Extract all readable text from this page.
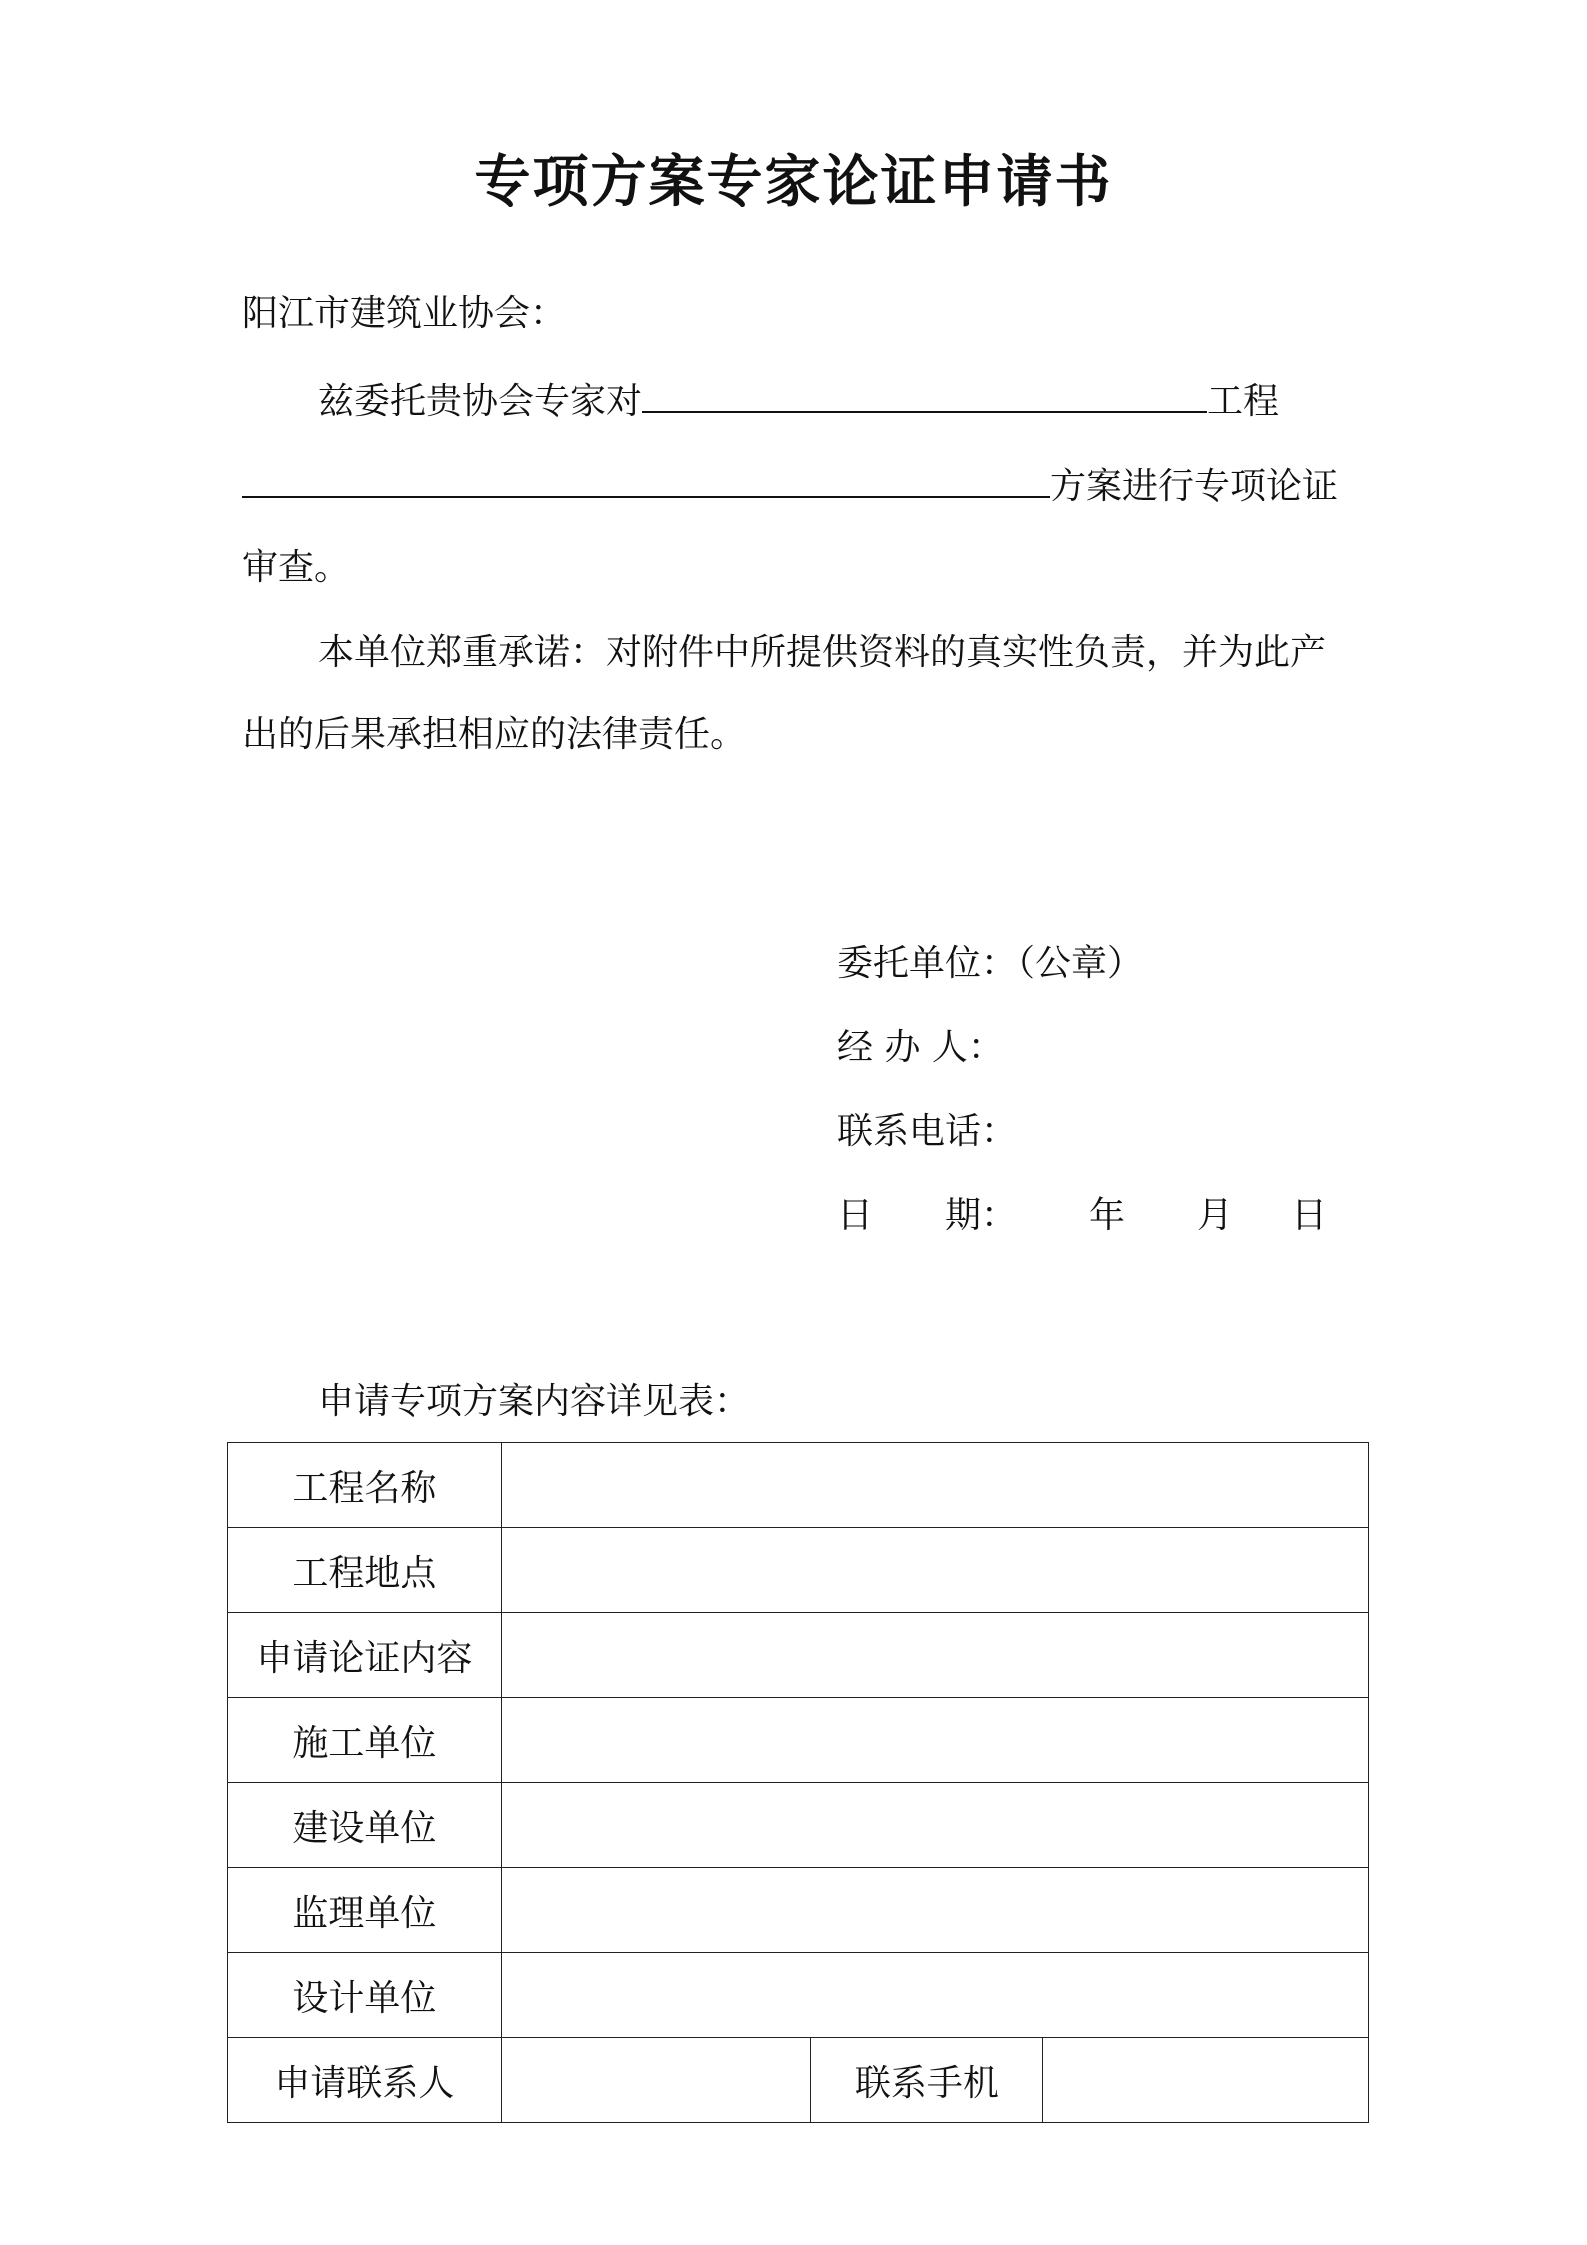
专项方案专家论证申请书
阳江市建筑业协会：
兹委托贵协会专家对	工程
方案进行专项论证
审查。
本单位郑重承诺：对附件中所提供资料的真实性负责，并为此产
出的后果承担相应的法律责任。
委托单位：（公章）
经 办 人：
联系电话：
日 期： 年 月 日
申请专项方案内容详见表：
工程名称			
工程地点			
申请论证内容			
施工单位			
建设单位			
监理单位			
设计单位			
申请联系人		联系手机	
